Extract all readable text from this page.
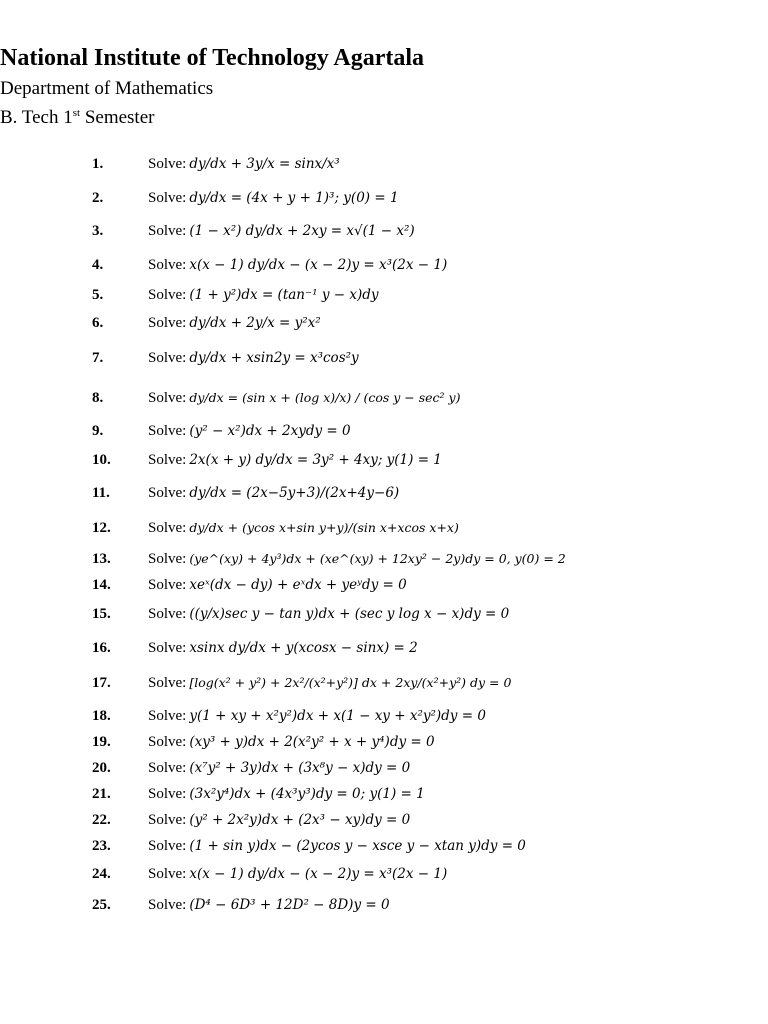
National Institute of Technology Agartala
Department of Mathematics
B. Tech 1st Semester
1.	Solve: dy/dx + 3y/x = sinx/x³
2.	Solve: dy/dx = (4x + y + 1)³; y(0) = 1
3.	Solve: (1 − x²) dy/dx + 2xy = x√(1 − x²)
4.	Solve: x(x − 1) dy/dx − (x − 2)y = x³(2x − 1)
5.	Solve: (1 + y²)dx = (tan⁻¹ y − x)dy
6.	Solve: dy/dx + 2y/x = y²x²
7.	Solve: dy/dx + xsin2y = x³cos²y
8.	Solve: dy/dx = (sin x + (log x)/x) / (cos y − sec² y)
9.	Solve: (y² − x²)dx + 2xydy = 0
10. Solve: 2x(x + y) dy/dx = 3y² + 4xy; y(1) = 1
11.	Solve: dy/dx = (2x−5y+3)/(2x+4y−6)
12. Solve: dy/dx + (ycos x+sin y+y)/(sin x+xcos x+x)
13. Solve: (ye^(xy) + 4y³)dx + (xe^(xy) + 12xy² − 2y)dy = 0, y(0) = 2
14. Solve: xeˣ(dx − dy) + eˣdx + yeʸdy = 0
15. Solve: ((y/x)sec y − tan y)dx + (sec y log x − x)dy = 0
16. Solve: xsinx dy/dx + y(xcosx − sinx) = 2
17. Solve: [log(x² + y²) + 2x²/(x²+y²)] dx + 2xy/(x²+y²) dy = 0
18. Solve: y(1 + xy + x²y²)dx + x(1 − xy + x²y²)dy = 0
19. Solve: (xy³ + y)dx + 2(x²y² + x + y⁴)dy = 0
20. Solve: (x⁷y² + 3y)dx + (3x⁸y − x)dy = 0
21. Solve: (3x²y⁴)dx + (4x³y³)dy = 0; y(1) = 1
22. Solve: (y² + 2x²y)dx + (2x³ − xy)dy = 0
23. Solve: (1 + sin y)dx − (2ycos y − xsce y − xtan y)dy = 0
24. Solve: x(x − 1) dy/dx − (x − 2)y = x³(2x − 1)
25. Solve: (D⁴ − 6D³ + 12D² − 8D)y = 0
